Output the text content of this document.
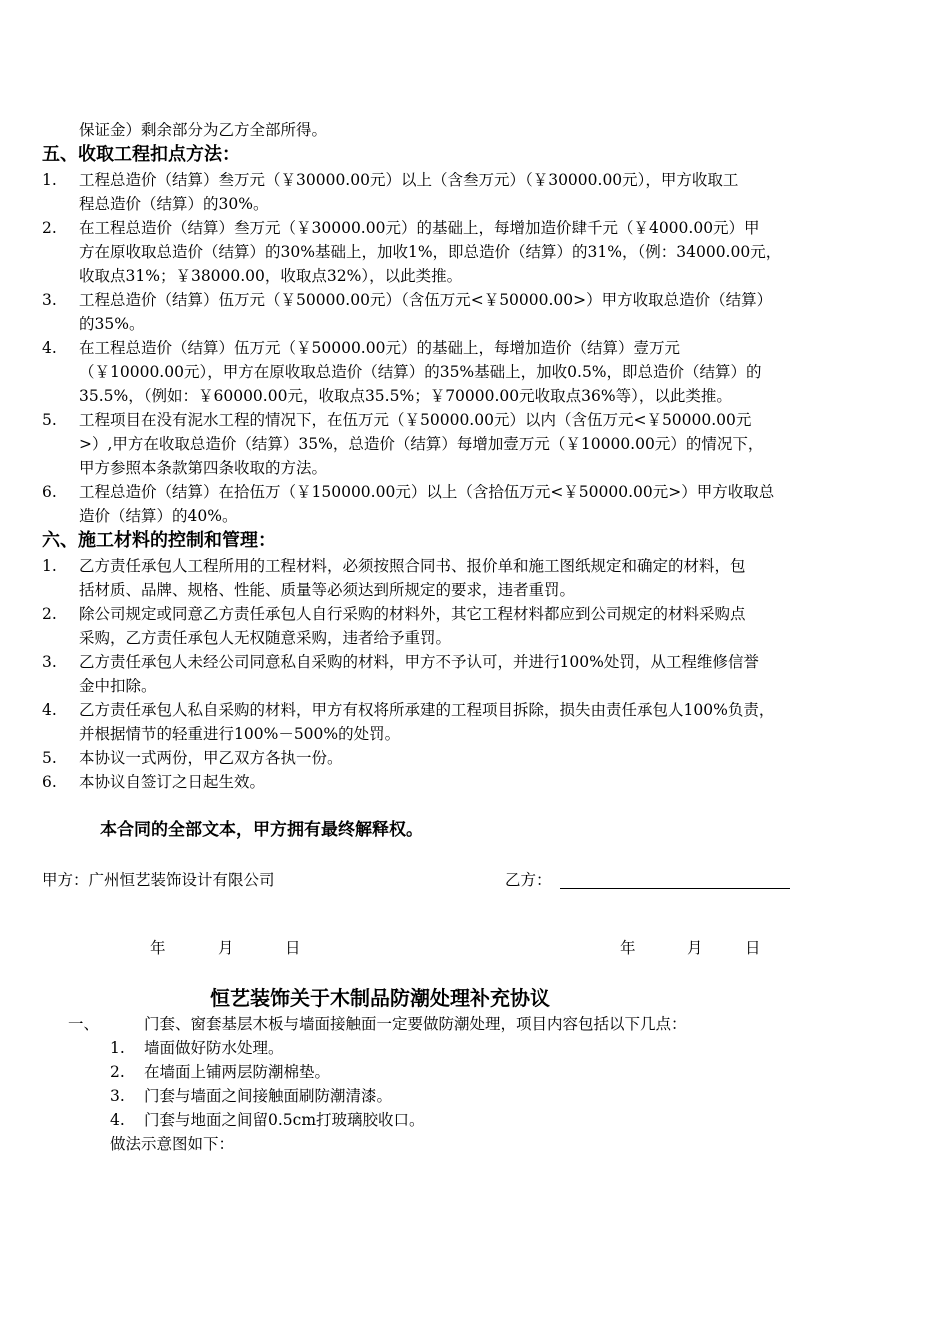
保证金）剩余部分为乙方全部所得。
五、收取工程扣点方法：
1.	工程总造价（结算）叁万元（￥30000.00元）以上（含叁万元）（￥30000.00元），甲方收取工
程总造价（结算）的30%。
2.	在工程总造价（结算）叁万元（￥30000.00元）的基础上，每增加造价肆千元（￥4000.00元）甲
方在原收取总造价（结算）的30%基础上，加收1%，即总造价（结算）的31%，（例：34000.00元，
收取点31%；￥38000.00，收取点32%），以此类推。
3.	工程总造价（结算）伍万元（￥50000.00元）（含伍万元<￥50000.00>）甲方收取总造价（结算）
的35%。
4.	在工程总造价（结算）伍万元（￥50000.00元）的基础上，每增加造价（结算）壹万元
（￥10000.00元），甲方在原收取总造价（结算）的35%基础上，加收0.5%，即总造价（结算）的
35.5%，（例如：￥60000.00元，收取点35.5%；￥70000.00元收取点36%等），以此类推。
5.	工程项目在没有泥水工程的情况下，在伍万元（￥50000.00元）以内（含伍万元<￥50000.00元
>）,甲方在收取总造价（结算）35%，总造价（结算）每增加壹万元（￥10000.00元）的情况下，
甲方参照本条款第四条收取的方法。
6.	工程总造价（结算）在拾伍万（￥150000.00元）以上（含拾伍万元<￥50000.00元>）甲方收取总
造价（结算）的40%。
六、施工材料的控制和管理：
1.	乙方责任承包人工程所用的工程材料，必须按照合同书、报价单和施工图纸规定和确定的材料，包
括材质、品牌、规格、性能、质量等必须达到所规定的要求，违者重罚。
2.	除公司规定或同意乙方责任承包人自行采购的材料外，其它工程材料都应到公司规定的材料采购点
采购，乙方责任承包人无权随意采购，违者给予重罚。
3.	乙方责任承包人未经公司同意私自采购的材料，甲方不予认可，并进行100%处罚，从工程维修信誉
金中扣除。
4.	乙方责任承包人私自采购的材料，甲方有权将所承建的工程项目拆除，损失由责任承包人100%负责，
并根据情节的轻重进行100%－500%的处罚。
5.	本协议一式两份，甲乙双方各执一份。
6.	本协议自签订之日起生效。
本合同的全部文本，甲方拥有最终解释权。
甲方：广州恒艺装饰设计有限公司	乙方：
年	月	日	年	月	日
恒艺装饰关于木制品防潮处理补充协议
一、	门套、窗套基层木板与墙面接触面一定要做防潮处理，项目内容包括以下几点：
1.	墙面做好防水处理。
2.	在墙面上铺两层防潮棉垫。
3.	门套与墙面之间接触面刷防潮清漆。
4.	门套与地面之间留0.5cm打玻璃胶收口。
做法示意图如下：
